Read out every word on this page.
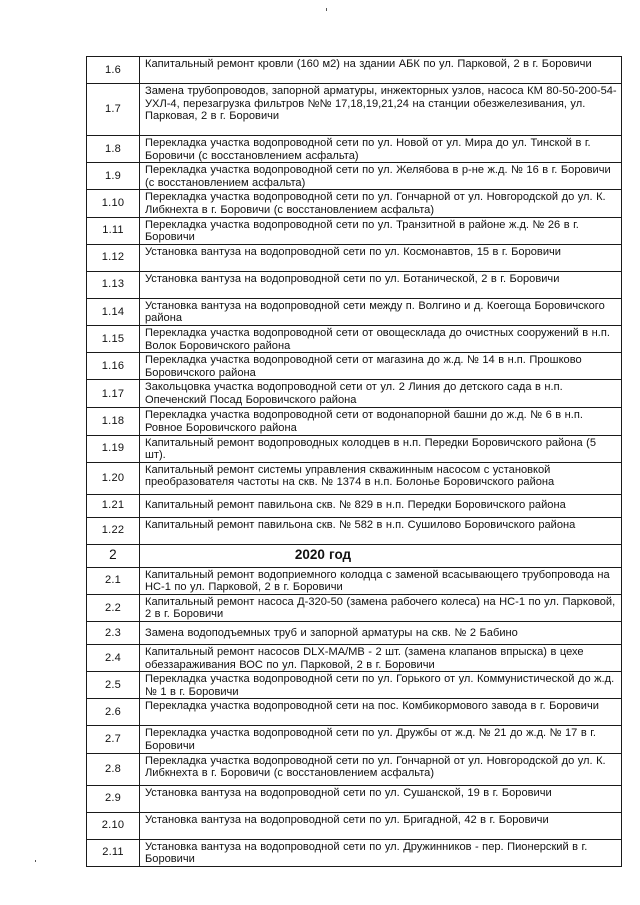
1.6	Капитальный ремонт кровли (160 м2) на здании АБК по ул. Парковой, 2 в г. Боровичи
1.7	Замена трубопроводов, запорной арматуры, инжекторных узлов, насоса КМ 80-50-200-54-УХЛ-4, перезагрузка фильтров №№ 17,18,19,21,24 на станции обезжелезивания, ул. Парковая, 2 в г. Боровичи
1.8	Перекладка участка водопроводной сети по ул. Новой от ул. Мира до ул. Тинской в г. Боровичи (с восстановлением асфальта)
1.9	Перекладка участка водопроводной сети по ул. Желябова в р-не ж.д. № 16 в г. Боровичи (с восстановлением асфальта)
1.10	Перекладка участка водопроводной сети по ул. Гончарной от ул. Новгородской до ул. К. Либкнехта в г. Боровичи (с восстановлением асфальта)
1.11	Перекладка участка водопроводной сети по ул. Транзитной в районе ж.д. № 26 в г. Боровичи
1.12	Установка вантуза на водопроводной сети по ул. Космонавтов, 15 в г. Боровичи
1.13	Установка вантуза на водопроводной сети по ул. Ботанической, 2 в г. Боровичи
1.14	Установка вантуза на водопроводной сети между п. Волгино и д. Коегоща Боровичского района
1.15	Перекладка участка водопроводной сети от овощесклада до очистных сооружений в н.п. Волок Боровичского района
1.16	Перекладка участка водопроводной сети от магазина до ж.д. № 14 в н.п. Прошково Боровичского района
1.17	Закольцовка участка водопроводной сети от ул. 2 Линия до детского сада в н.п. Опеченский Посад Боровичского района
1.18	Перекладка участка водопроводной сети от водонапорной башни до ж.д. № 6 в н.п. Ровное Боровичского района
1.19	Капитальный ремонт водопроводных колодцев в н.п. Передки Боровичского района (5 шт).
1.20	Капитальный ремонт системы управления скважинным насосом с установкой преобразователя частоты на скв. № 1374 в н.п. Болонье Боровичского района
1.21	Капитальный ремонт павильона скв. № 829 в н.п. Передки Боровичского района
1.22	Капитальный ремонт павильона скв. № 582 в н.п. Сушилово Боровичского района
2	2020 год
2.1	Капитальный ремонт водоприемного колодца с заменой всасывающего трубопровода на НС-1 по ул. Парковой, 2 в г. Боровичи
2.2	Капитальный ремонт насоса Д-320-50 (замена рабочего колеса) на НС-1 по ул. Парковой, 2 в г. Боровичи
2.3	Замена водоподъемных труб и запорной арматуры на скв. № 2 Бабино
2.4	Капитальный ремонт насосов DLX-MA/MB - 2 шт. (замена клапанов впрыска) в цехе обеззараживания ВОС по ул. Парковой, 2 в г. Боровичи
2.5	Перекладка участка водопроводной сети по ул. Горького от ул. Коммунистической до ж.д. № 1 в г. Боровичи
2.6	Перекладка участка водопроводной сети на пос. Комбикормового завода в г. Боровичи
2.7	Перекладка участка водопроводной сети по ул. Дружбы от ж.д. № 21 до ж.д. № 17 в г. Боровичи
2.8	Перекладка участка водопроводной сети по ул. Гончарной от ул. Новгородской до ул. К. Либкнехта в г. Боровичи (с восстановлением асфальта)
2.9	Установка вантуза на водопроводной сети по ул. Сушанской, 19 в г. Боровичи
2.10	Установка вантуза на водопроводной сети по ул. Бригадной, 42 в г. Боровичи
2.11	Установка вантуза на водопроводной сети по ул. Дружинников - пер. Пионерский в г. Боровичи
